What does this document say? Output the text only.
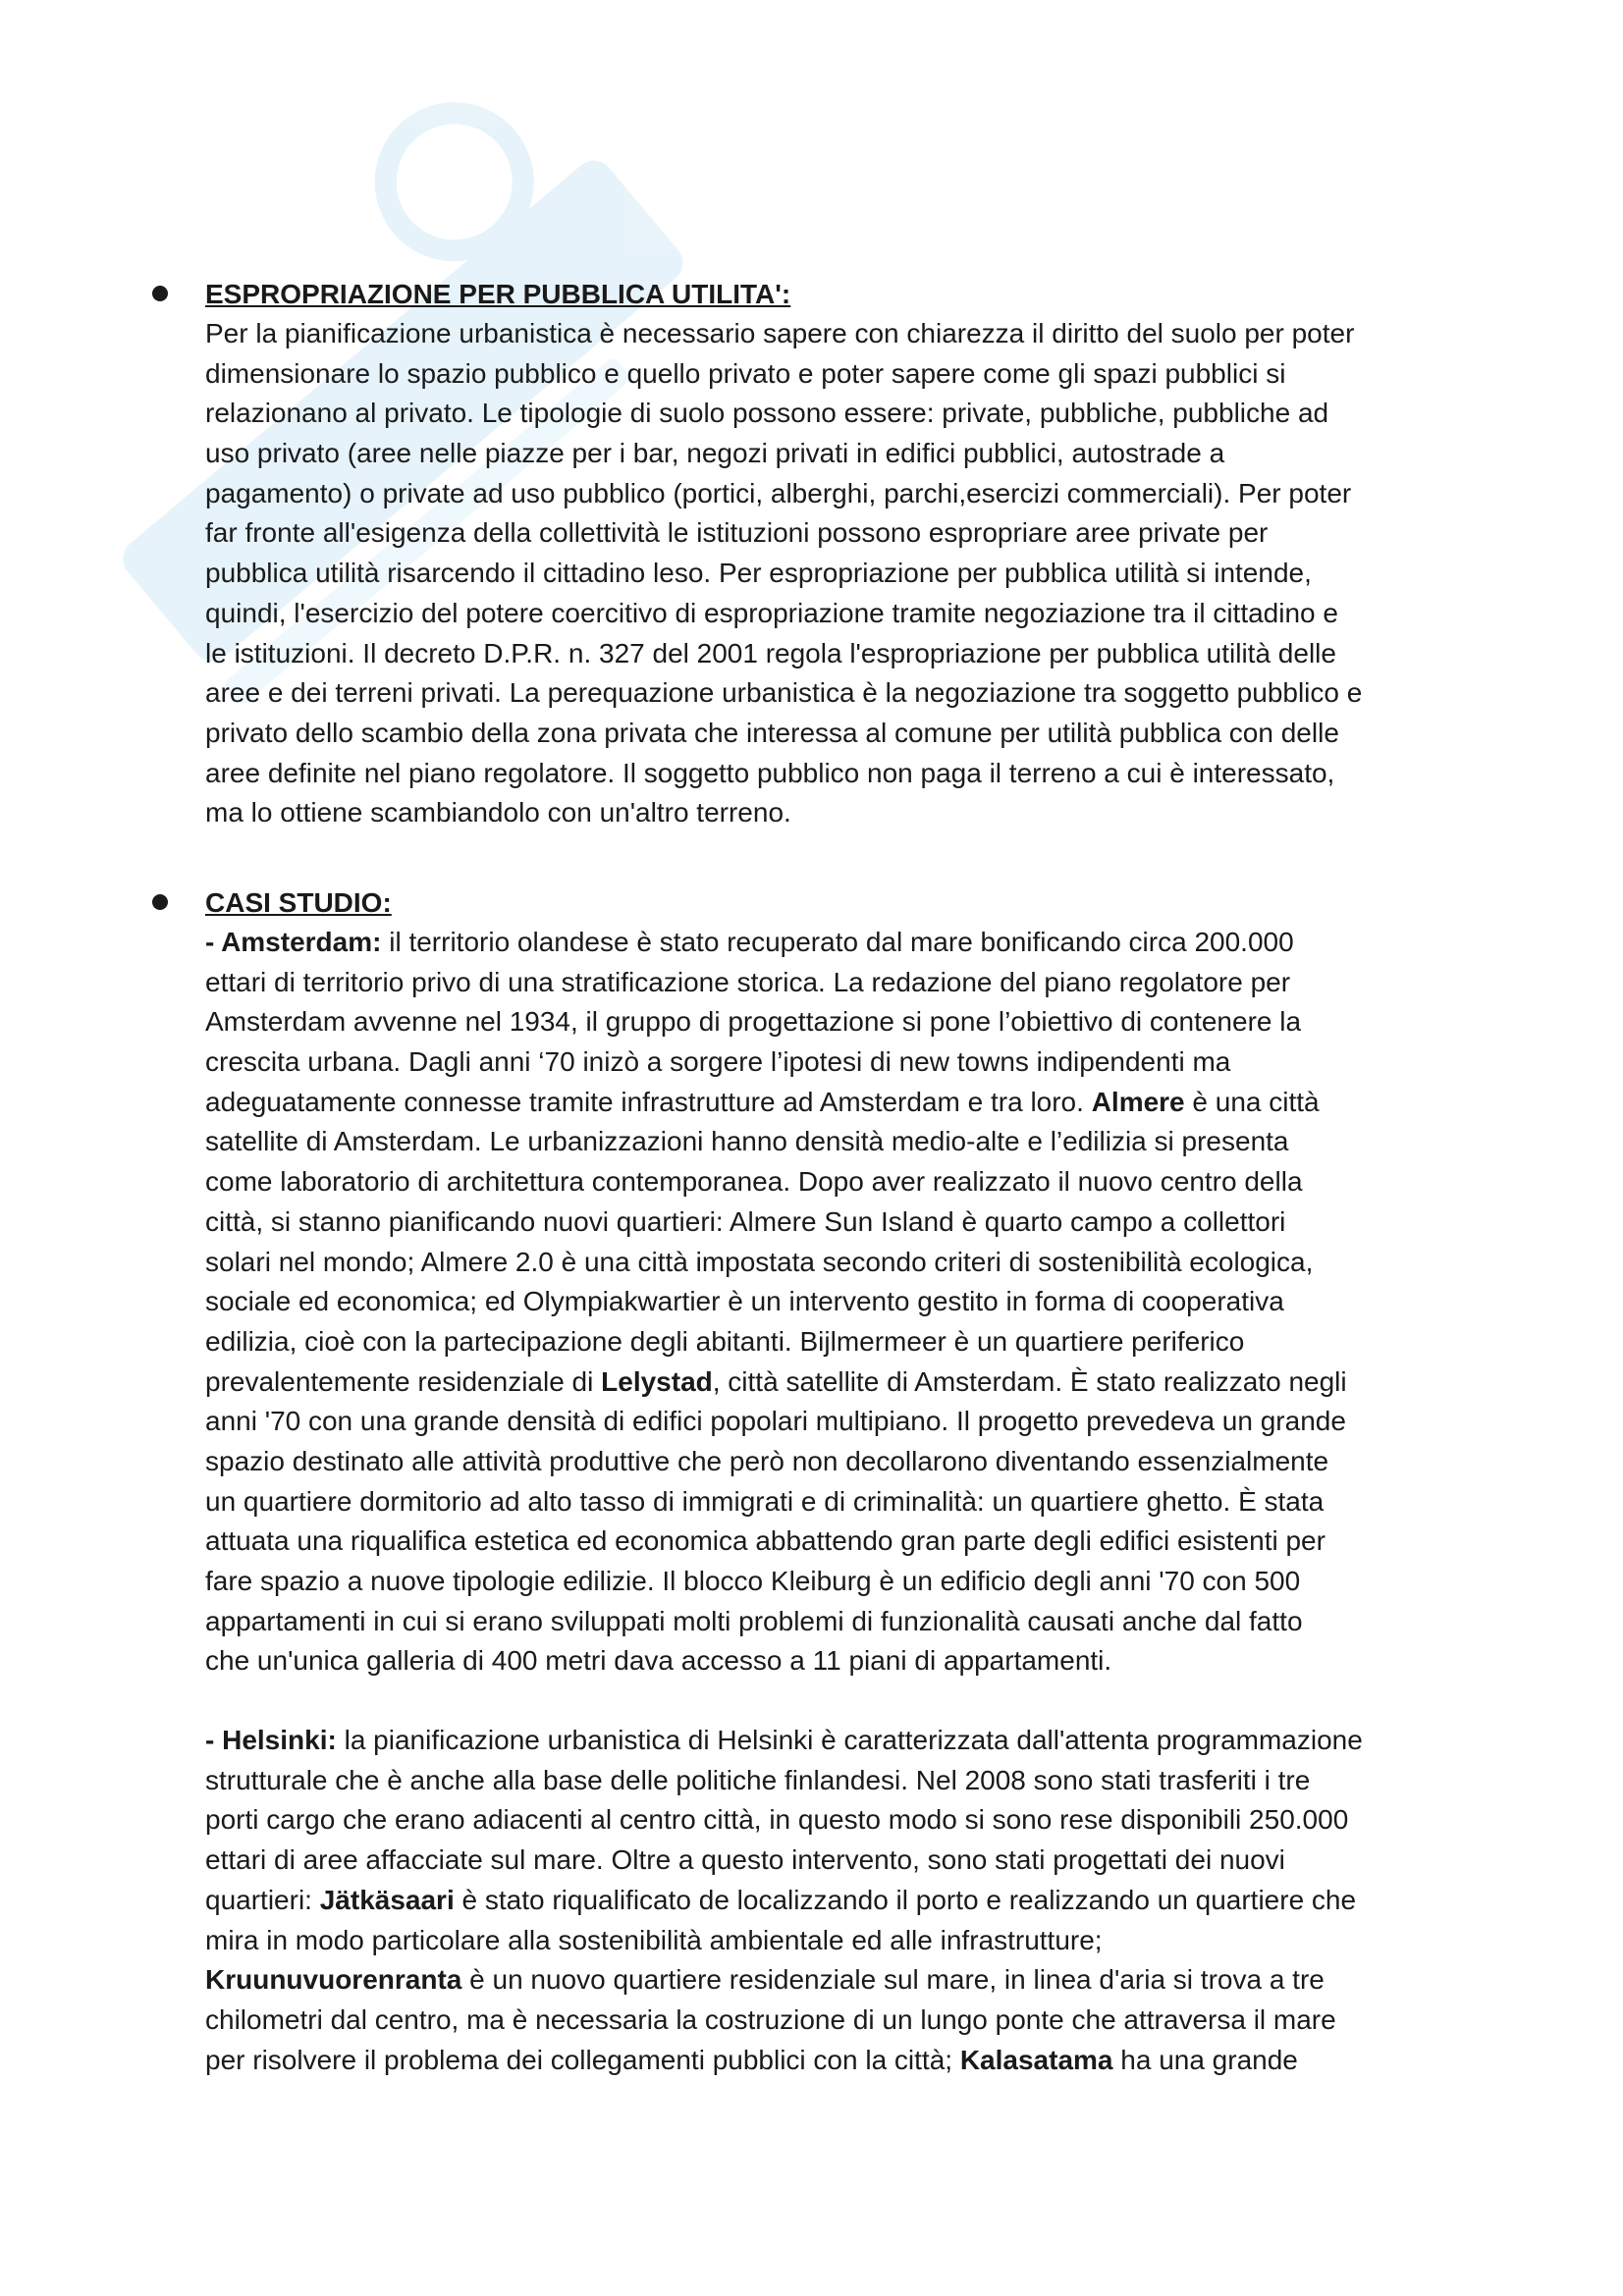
ESPROPRIAZIONE PER PUBBLICA UTILITA':

Per la pianificazione urbanistica è necessario sapere con chiarezza il diritto del suolo per poter
dimensionare lo spazio pubblico e quello privato e poter sapere come gli spazi pubblici si
relazionano al privato. Le tipologie di suolo possono essere: private, pubbliche, pubbliche ad
uso privato (aree nelle piazze per i bar, negozi privati in edifici pubblici, autostrade a
pagamento) o private ad uso pubblico (portici, alberghi, parchi,esercizi commerciali). Per poter
far fronte all'esigenza della collettività le istituzioni possono espropriare aree private per
pubblica utilità risarcendo il cittadino leso. Per espropriazione per pubblica utilità si intende,
quindi, l'esercizio del potere coercitivo di espropriazione tramite negoziazione tra il cittadino e
le istituzioni. Il decreto D.P.R. n. 327 del 2001 regola l'espropriazione per pubblica utilità delle
aree e dei terreni privati. La perequazione urbanistica è la negoziazione tra soggetto pubblico e
privato dello scambio della zona privata che interessa al comune per utilità pubblica con delle
aree definite nel piano regolatore. Il soggetto pubblico non paga il terreno a cui è interessato,
ma lo ottiene scambiandolo con un'altro terreno.

CASI STUDIO:

- Amsterdam: il territorio olandese è stato recuperato dal mare bonificando circa 200.000
ettari di territorio privo di una stratificazione storica. La redazione del piano regolatore per
Amsterdam avvenne nel 1934, il gruppo di progettazione si pone l’obiettivo di contenere la
crescita urbana. Dagli anni ‘70 inizò a sorgere l’ipotesi di new towns indipendenti ma
adeguatamente connesse tramite infrastrutture ad Amsterdam e tra loro. Almere è una città
satellite di Amsterdam. Le urbanizzazioni hanno densità medio-alte e l’edilizia si presenta
come laboratorio di architettura contemporanea. Dopo aver realizzato il nuovo centro della
città, si stanno pianificando nuovi quartieri: Almere Sun Island è quarto campo a collettori
solari nel mondo; Almere 2.0 è una città impostata secondo criteri di sostenibilità ecologica,
sociale ed economica; ed Olympiakwartier è un intervento gestito in forma di cooperativa
edilizia, cioè con la partecipazione degli abitanti. Bijlmermeer è un quartiere periferico
prevalentemente residenziale di Lelystad, città satellite di Amsterdam. È stato realizzato negli
anni '70 con una grande densità di edifici popolari multipiano. Il progetto prevedeva un grande
spazio destinato alle attività produttive che però non decollarono diventando essenzialmente
un quartiere dormitorio ad alto tasso di immigrati e di criminalità: un quartiere ghetto. È stata
attuata una riqualifica estetica ed economica abbattendo gran parte degli edifici esistenti per
fare spazio a nuove tipologie edilizie. Il blocco Kleiburg è un edificio degli anni '70 con 500
appartamenti in cui si erano sviluppati molti problemi di funzionalità causati anche dal fatto
che un'unica galleria di 400 metri dava accesso a 11 piani di appartamenti.
- Helsinki: la pianificazione urbanistica di Helsinki è caratterizzata dall'attenta programmazione
strutturale che è anche alla base delle politiche finlandesi. Nel 2008 sono stati trasferiti i tre
porti cargo che erano adiacenti al centro città, in questo modo si sono rese disponibili 250.000
ettari di aree affacciate sul mare. Oltre a questo intervento, sono stati progettati dei nuovi
quartieri: Jätkäsaari è stato riqualificato de localizzando il porto e realizzando un quartiere che
mira in modo particolare alla sostenibilità ambientale ed alle infrastrutture;
Kruunuvuorenranta è un nuovo quartiere residenziale sul mare, in linea d'aria si trova a tre
chilometri dal centro, ma è necessaria la costruzione di un lungo ponte che attraversa il mare
per risolvere il problema dei collegamenti pubblici con la città; Kalasatama ha una grande
